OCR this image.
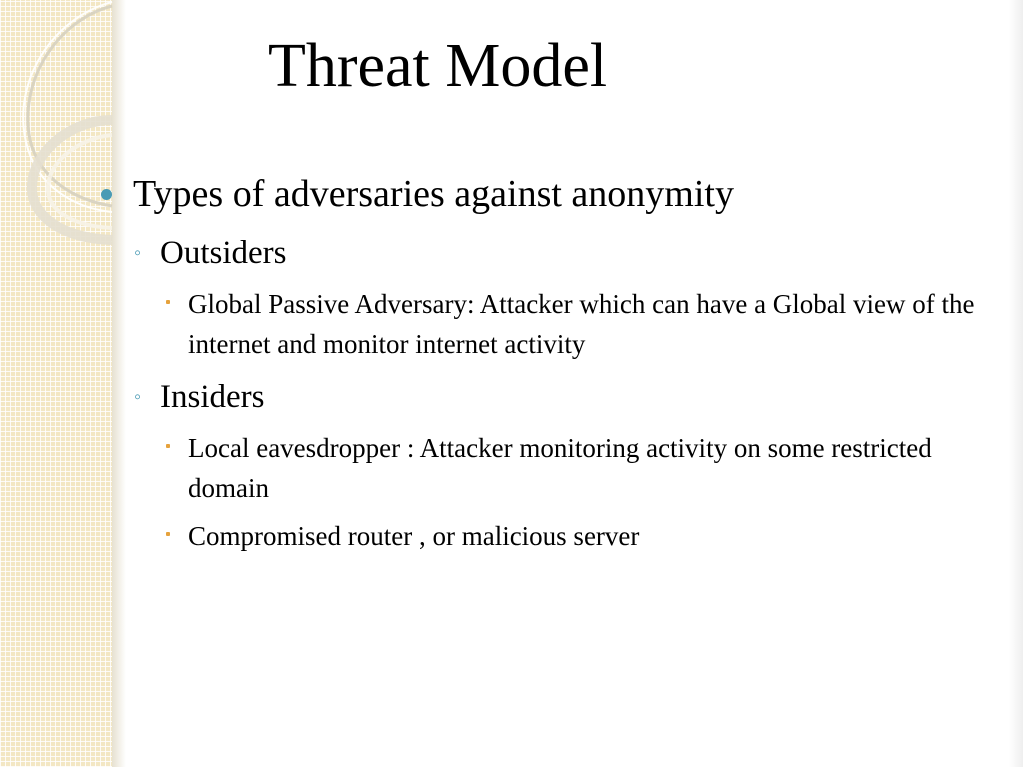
Threat Model
Types of adversaries against anonymity
◦ Outsiders
Global Passive Adversary: Attacker which can have a Global view of the internet and monitor internet activity
◦ Insiders
Local eavesdropper : Attacker monitoring activity on some restricted domain
Compromised router , or malicious server
